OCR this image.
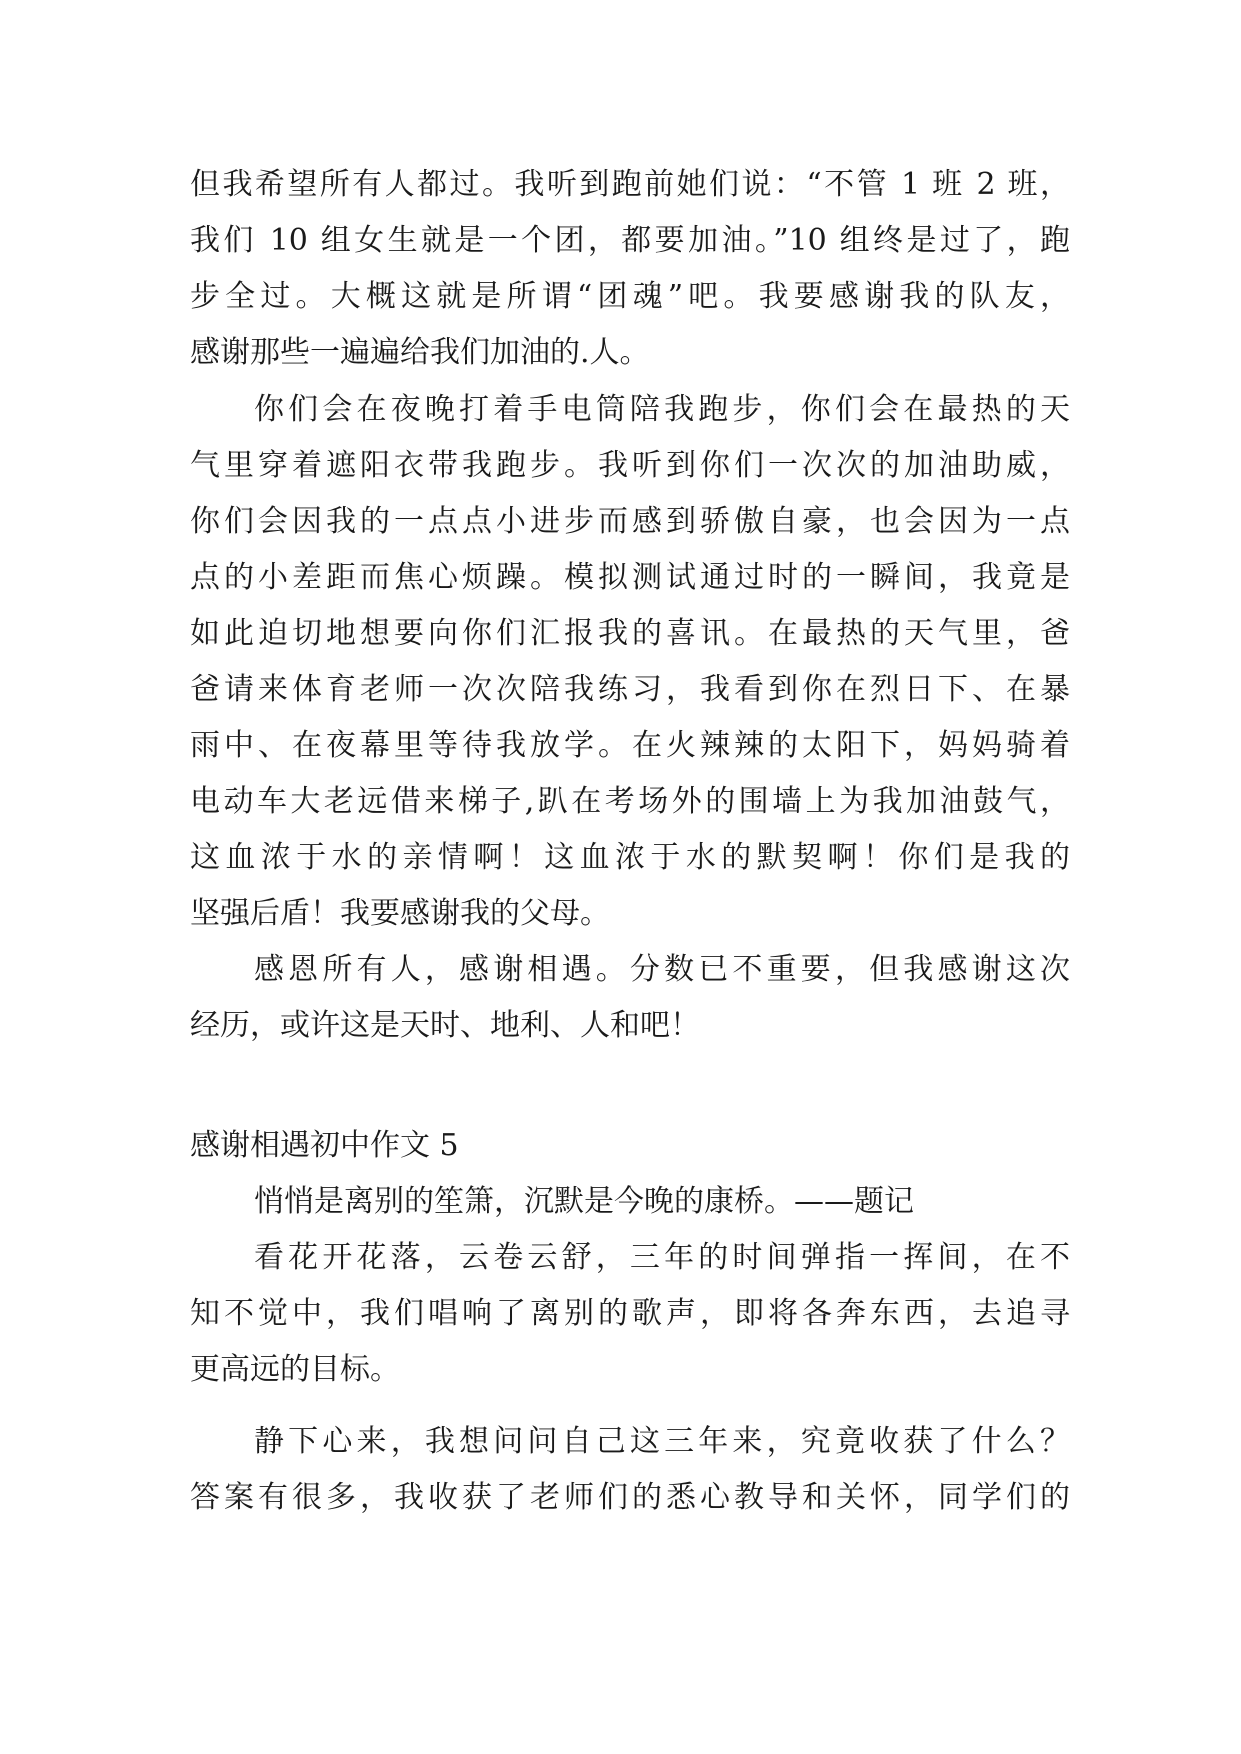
但我希望所有人都过。我听到跑前她们说：“不管 1 班 2 班，
我们 10 组女生就是一个团，都要加油。”10 组终是过了，跑
步全过。大概这就是所谓“团魂”吧。我要感谢我的队友，
感谢那些一遍遍给我们加油的.人。
你们会在夜晚打着手电筒陪我跑步，你们会在最热的天
气里穿着遮阳衣带我跑步。我听到你们一次次的加油助威，
你们会因我的一点点小进步而感到骄傲自豪，也会因为一点
点的小差距而焦心烦躁。模拟测试通过时的一瞬间，我竟是
如此迫切地想要向你们汇报我的喜讯。在最热的天气里，爸
爸请来体育老师一次次陪我练习，我看到你在烈日下、在暴
雨中、在夜幕里等待我放学。在火辣辣的太阳下，妈妈骑着
电动车大老远借来梯子,趴在考场外的围墙上为我加油鼓气，
这血浓于水的亲情啊！这血浓于水的默契啊！你们是我的
坚强后盾！我要感谢我的父母。
感恩所有人，感谢相遇。分数已不重要，但我感谢这次
经历，或许这是天时、地利、人和吧！
感谢相遇初中作文 5
悄悄是离别的笙箫，沉默是今晚的康桥。——题记
看花开花落，云卷云舒，三年的时间弹指一挥间，在不
知不觉中，我们唱响了离别的歌声，即将各奔东西，去追寻
更高远的目标。
静下心来，我想问问自己这三年来，究竟收获了什么？
答案有很多，我收获了老师们的悉心教导和关怀，同学们的
